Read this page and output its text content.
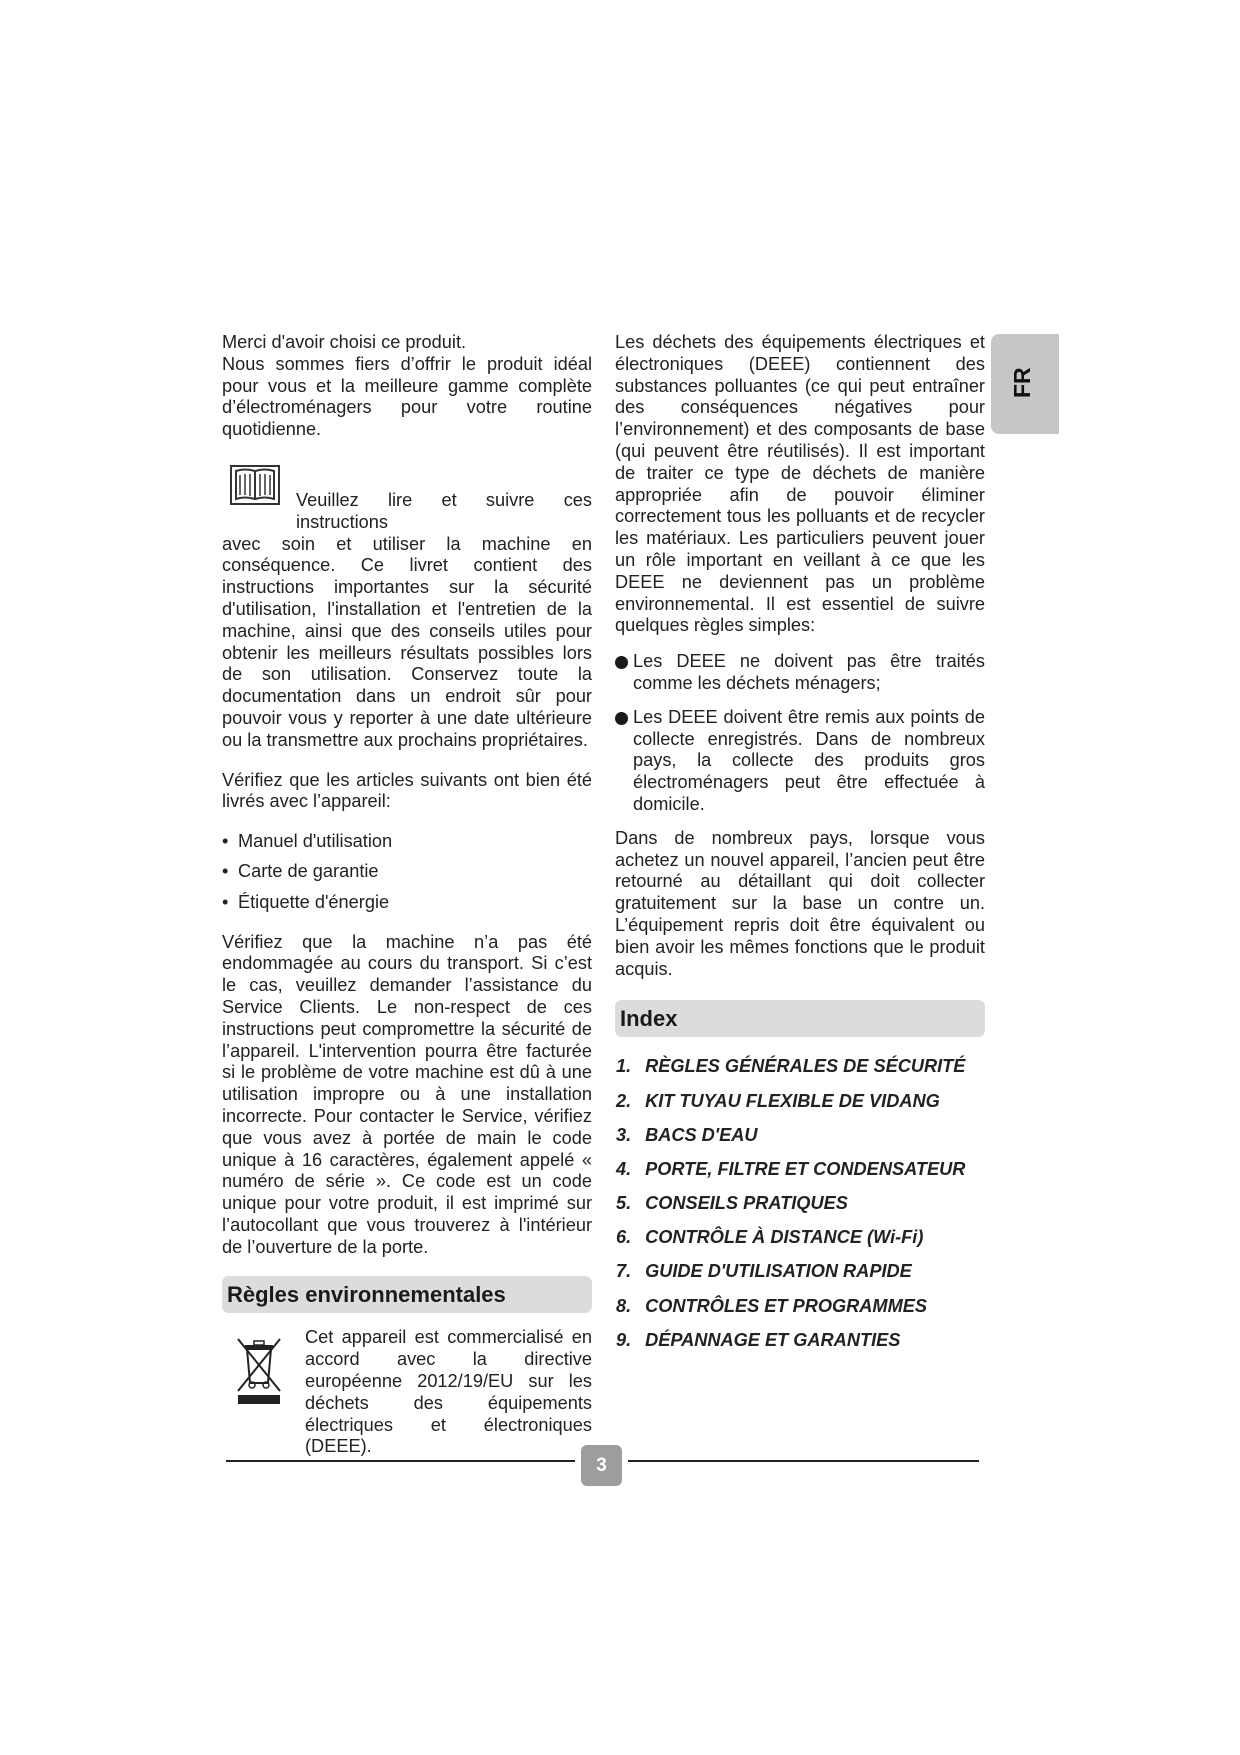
FR

Merci d'avoir choisi ce produit.

Nous sommes fiers d’offrir le produit idéal pour vous et la meilleure gamme complète d’électroménagers pour votre routine quotidienne.

Veuillez lire et suivre ces instructions

avec soin et utiliser la machine en conséquence. Ce livret contient des instructions importantes sur la sécurité d'utilisation, l'installation et l'entretien de la machine, ainsi que des conseils utiles pour obtenir les meilleurs résultats possibles lors de son utilisation. Conservez toute la documentation dans un endroit sûr pour pouvoir vous y reporter à une date ultérieure ou la transmettre aux prochains propriétaires.

Vérifiez que les articles suivants ont bien été livrés avec l’appareil:

• Manuel d'utilisation
• Carte de garantie
• Étiquette d'énergie

Vérifiez que la machine n’a pas été endommagée au cours du transport. Si c’est le cas, veuillez demander l’assistance du Service Clients. Le non-respect de ces instructions peut compromettre la sécurité de l’appareil. L'intervention pourra être facturée si le problème de votre machine est dû à une utilisation impropre ou à une installation incorrecte. Pour contacter le Service, vérifiez que vous avez à portée de main le code unique à 16 caractères, également appelé « numéro de série ». Ce code est un code unique pour votre produit, il est imprimé sur l’autocollant que vous trouverez à l'intérieur de l’ouverture de la porte.

Règles environnementales

Cet appareil est commercialisé en accord avec la directive européenne 2012/19/EU sur les déchets des équipements électriques et électroniques (DEEE).

Les déchets des équipements électriques et électroniques (DEEE) contiennent des substances polluantes (ce qui peut entraîner des conséquences négatives pour l’environnement) et des composants de base (qui peuvent être réutilisés). Il est important de traiter ce type de déchets de manière appropriée afin de pouvoir éliminer correctement tous les polluants et de recycler les matériaux. Les particuliers peuvent jouer un rôle important en veillant à ce que les DEEE ne deviennent pas un problème environnemental. Il est essentiel de suivre quelques règles simples:

Les DEEE ne doivent pas être traités comme les déchets ménagers;
Les DEEE doivent être remis aux points de collecte enregistrés. Dans de nombreux pays, la collecte des produits gros électroménagers peut être effectuée à domicile.

Dans de nombreux pays, lorsque vous achetez un nouvel appareil, l’ancien peut être retourné au détaillant qui doit collecter gratuitement sur la base un contre un. L’équipement repris doit être équivalent ou bien avoir les mêmes fonctions que le produit acquis.

Index
1. RÈGLES GÉNÉRALES DE SÉCURITÉ
2. KIT TUYAU FLEXIBLE DE VIDANG
3. BACS D'EAU
4. PORTE, FILTRE ET CONDENSATEUR
5. CONSEILS PRATIQUES
6. CONTRÔLE À DISTANCE (Wi-Fi)
7. GUIDE D'UTILISATION RAPIDE
8. CONTRÔLES ET PROGRAMMES
9. DÉPANNAGE ET GARANTIES
3
